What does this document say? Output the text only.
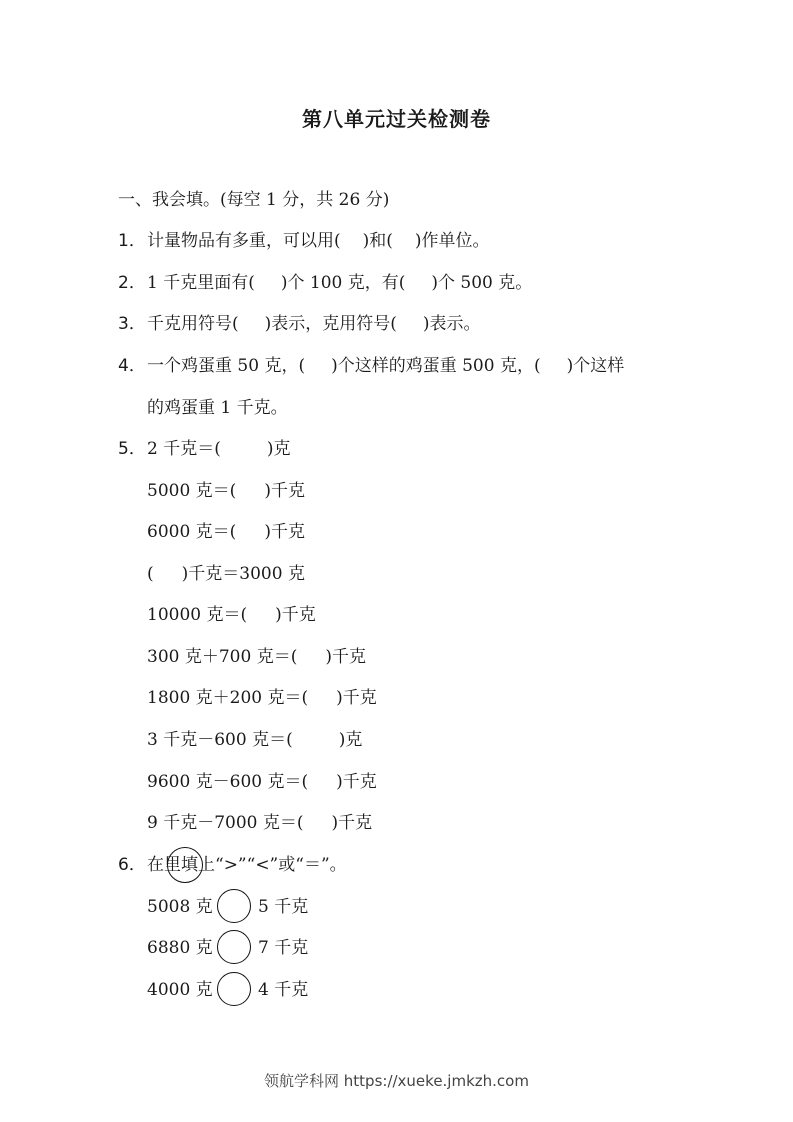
第八单元过关检测卷
一、我会填。(每空 1 分，共 26 分)
1．计量物品有多重，可以用( )和( )作单位。
2．1 千克里面有( )个 100 克，有( )个 500 克。
3．千克用符号( )表示，克用符号( )表示。
4．一个鸡蛋重 50 克，( )个这样的鸡蛋重 500 克，( )个这样
的鸡蛋重 1 千克。
5．2 千克＝(	)克
5000 克＝( )千克
6000 克＝( )千克
( )千克＝3000 克
10000 克＝( )千克
300 克＋700 克＝( )千克
1800 克＋200 克＝( )千克
3 千克－600 克＝(	)克
9600 克－600 克＝( )千克
9 千克－7000 克＝( )千克
6．在里填上“>”“<”或“＝”。
5008 克	5 千克
6880 克	7 千克
4000 克	4 千克
领航学科网 https://xueke.jmkzh.com
